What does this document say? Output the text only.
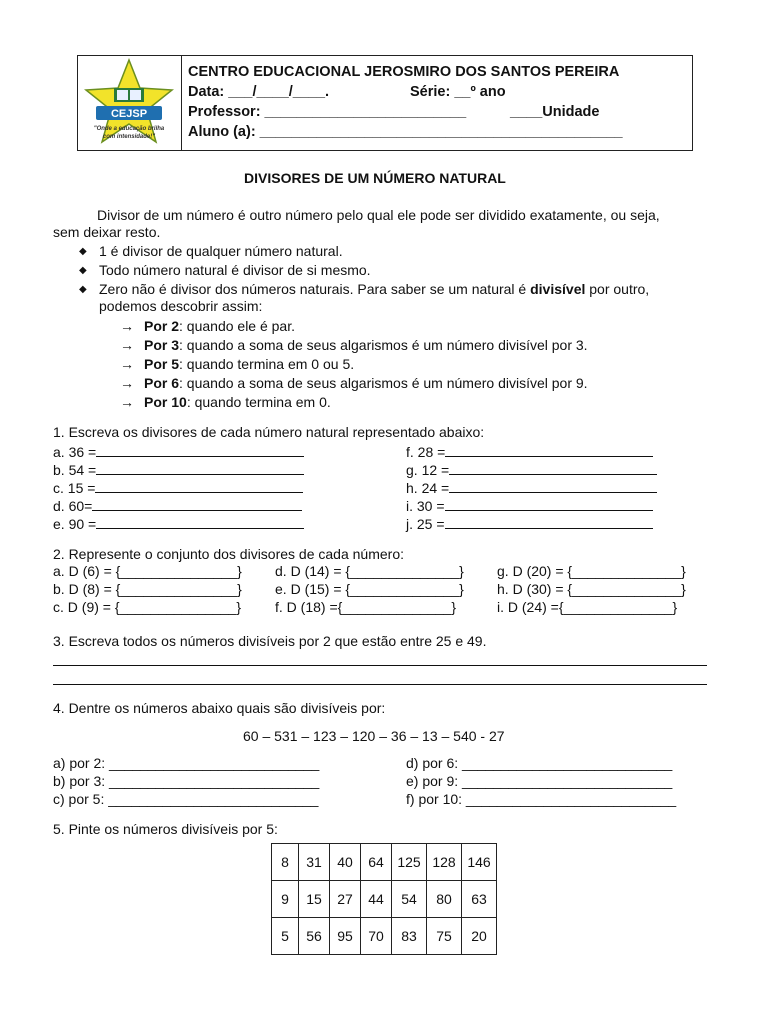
CEJSP
"Onde a educação brilha
com intensidade!"
CENTRO EDUCACIONAL JEROSMIRO DOS SANTOS PEREIRA
Data: ___/____/____.	Série: __º ano
Professor: _________________________	____Unidade
Aluno (a): _____________________________________________
DIVISORES DE UM NÚMERO NATURAL
Divisor de um número é outro número pelo qual ele pode ser dividido exatamente, ou seja,
sem deixar resto.
◆ 1 é divisor de qualquer número natural.
◆ Todo número natural é divisor de si mesmo.
◆ Zero não é divisor dos números naturais. Para saber se um natural é divisível por outro,
podemos descobrir assim:
→ Por 2: quando ele é par.
→ Por 3: quando a soma de seus algarismos é um número divisível por 3.
→ Por 5: quando termina em 0 ou 5.
→ Por 6: quando a soma de seus algarismos é um número divisível por 9.
→ Por 10: quando termina em 0.
1. Escreva os divisores de cada número natural representado abaixo:
a. 36 =
b. 54 =
c. 15 =
d. 60=
e. 90 =
f. 28 =
g. 12 =
h. 24 =
i. 30 =
j. 25 =
2. Represente o conjunto dos divisores de cada número:
a. D (6) = {_______________}
b. D (8) = {_______________}
c. D (9) = {_______________}
d. D (14) = {______________}
e. D (15) = {______________}
f. D (18) ={______________}
g. D (20) = {______________}
h. D (30) = {______________}
i. D (24) ={______________}
3. Escreva todos os números divisíveis por 2 que estão entre 25 e 49.
4. Dentre os números abaixo quais são divisíveis por:
60 – 531 – 123 – 120 – 36 – 13 – 540 - 27
a) por 2: ___________________________
b) por 3: ___________________________
c) por 5: ___________________________
d) por 6: ___________________________
e) por 9: ___________________________
f) por 10: ___________________________
5. Pinte os números divisíveis por 5:
8	31	40	64	125	128	146
9	15	27	44	54	80	63
5	56	95	70	83	75	20
